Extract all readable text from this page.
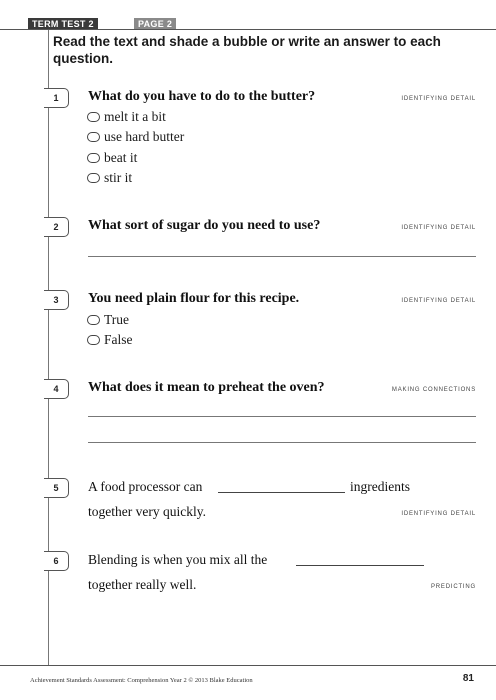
TERM TEST 2	PAGE 2
Read the text and shade a bubble or write an answer to each question.
1	What do you have to do to the butter?	IDENTIFYING DETAIL
melt it a bit
use hard butter
beat it
stir it
2	What sort of sugar do you need to use?	IDENTIFYING DETAIL
3	You need plain flour for this recipe.	IDENTIFYING DETAIL
True
False
4	What does it mean to preheat the oven?	MAKING CONNECTIONS
5	A food processor can	ingredients
together very quickly.	IDENTIFYING DETAIL
6	Blending is when you mix all the
together really well.	PREDICTING
Achievement Standards Assessment: Comprehension Year 2 © 2013 Blake Education	81
